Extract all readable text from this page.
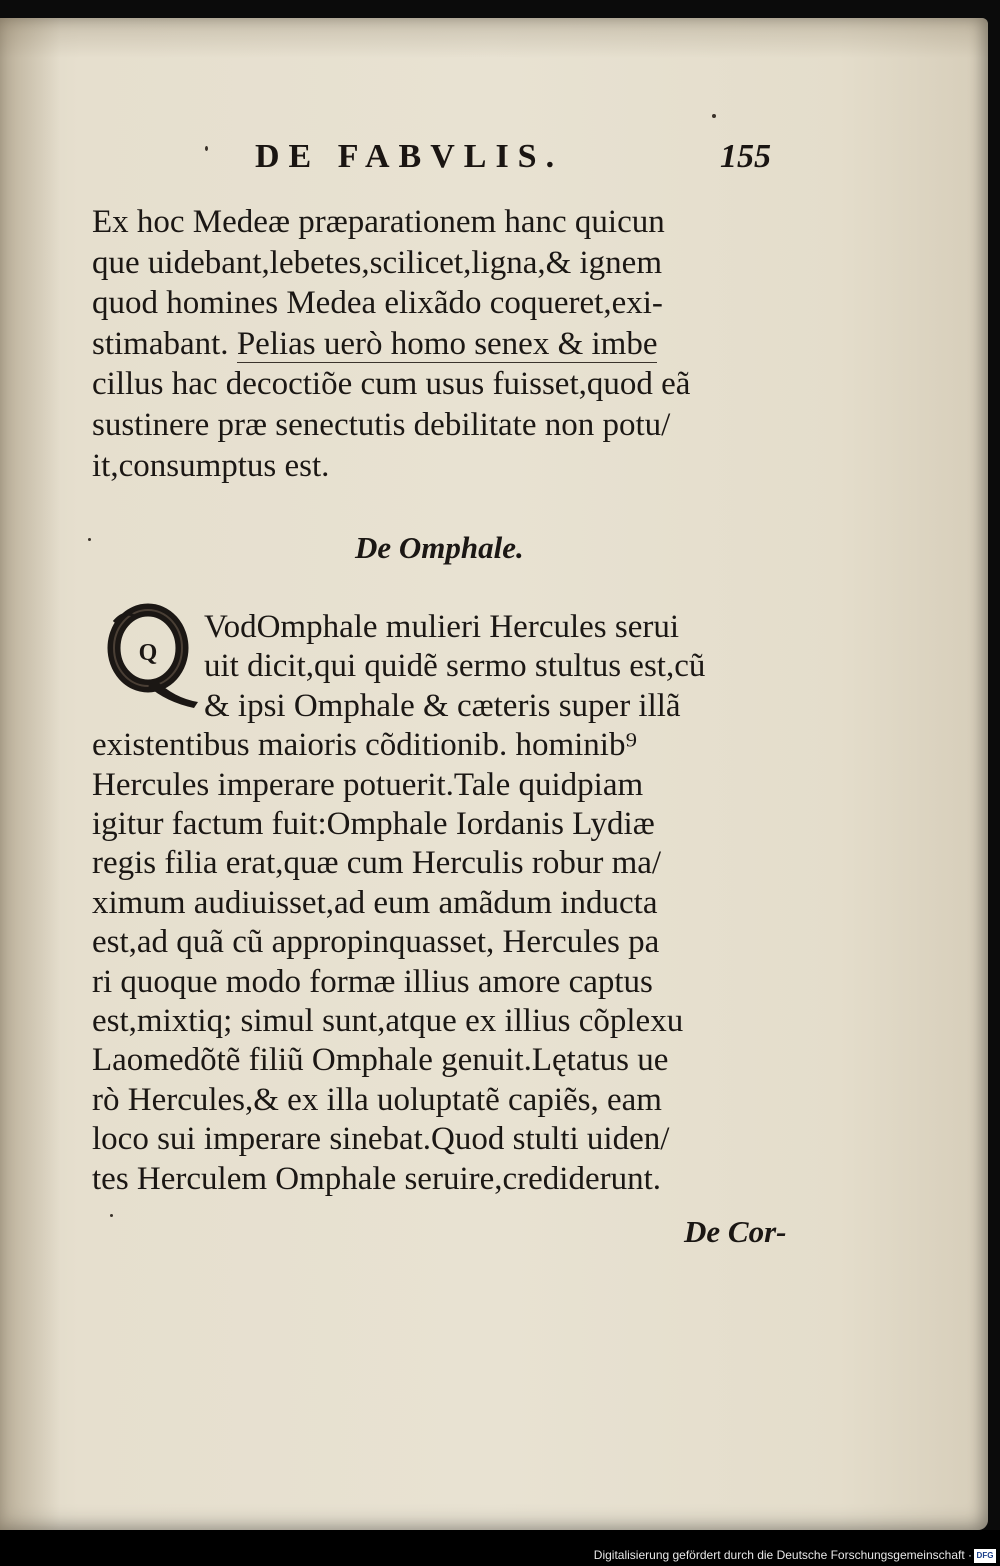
DE FABVLIS.	155
Ex hoc Medeæ præparationem hanc quicun
que uidebant,lebetes,scilicet,ligna,& ignem
quod homines Medea elixãdo coqueret,exi-
stimabant. Pelias uerò homo senex & imbe
cillus hac decoctiõe cum usus fuisset,quod eã
sustinere præ senectutis debilitate non potu/
it,consumptus est.
De Omphale.
Q
VodOmphale mulieri Hercules serui
uit dicit,qui quidẽ sermo stultus est,cũ
& ipsi Omphale & cæteris super illã
existentibus maioris cõditionib. hominib⁹
Hercules imperare potuerit.Tale quidpiam
igitur factum fuit:Omphale Iordanis Lydiæ
regis filia erat,quæ cum Herculis robur ma/
ximum audiuisset,ad eum amãdum inducta
est,ad quã cũ appropinquasset, Hercules pa
ri quoque modo formæ illius amore captus
est,mixtiq; simul sunt,atque ex illius cõplexu
Laomedõtẽ filiũ Omphale genuit.Lętatus ue
rò Hercules,& ex illa uoluptatẽ capiẽs, eam
loco sui imperare sinebat.Quod stulti uiden/
tes Herculem Omphale seruire,crediderunt.
De Cor-
Digitalisierung gefördert durch die Deutsche Forschungsgemeinschaft · DFG
